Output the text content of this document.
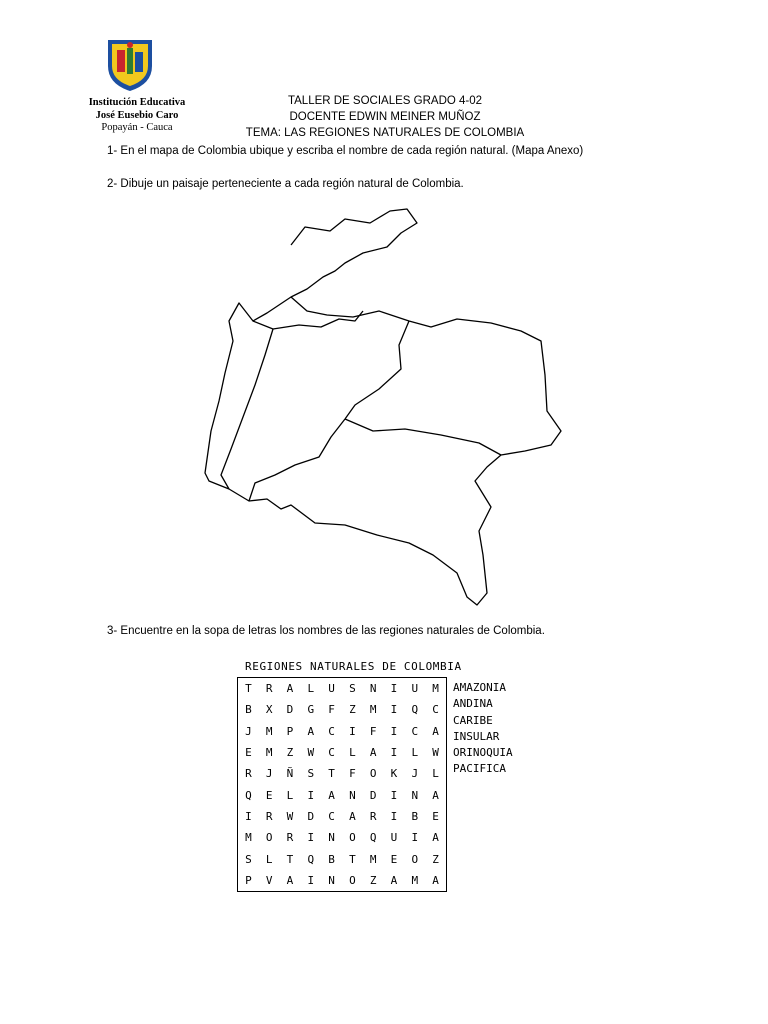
Institución Educativa
José Eusebio Caro
Popayán - Cauca
TALLER DE SOCIALES GRADO 4-02
DOCENTE EDWIN MEINER MUÑOZ
TEMA: LAS REGIONES NATURALES DE COLOMBIA
1- En el mapa de Colombia ubique y escriba el nombre de cada región natural. (Mapa Anexo)
2- Dibuje un paisaje perteneciente a cada región natural de Colombia.
3- Encuentre en la sopa de letras los nombres de las regiones naturales de Colombia.
REGIONES NATURALES DE COLOMBIA
T	R	A	L	U	S	N	I	U	M
B	X	D	G	F	Z	M	I	Q	C
J	M	P	A	C	I	F	I	C	A
E	M	Z	W	C	L	A	I	L	W
R	J	Ñ	S	T	F	O	K	J	L
Q	E	L	I	A	N	D	I	N	A
I	R	W	D	C	A	R	I	B	E
M	O	R	I	N	O	Q	U	I	A
S	L	T	Q	B	T	M	E	O	Z
P	V	A	I	N	O	Z	A	M	A
AMAZONIA
ANDINA
CARIBE
INSULAR
ORINOQUIA
PACIFICA
